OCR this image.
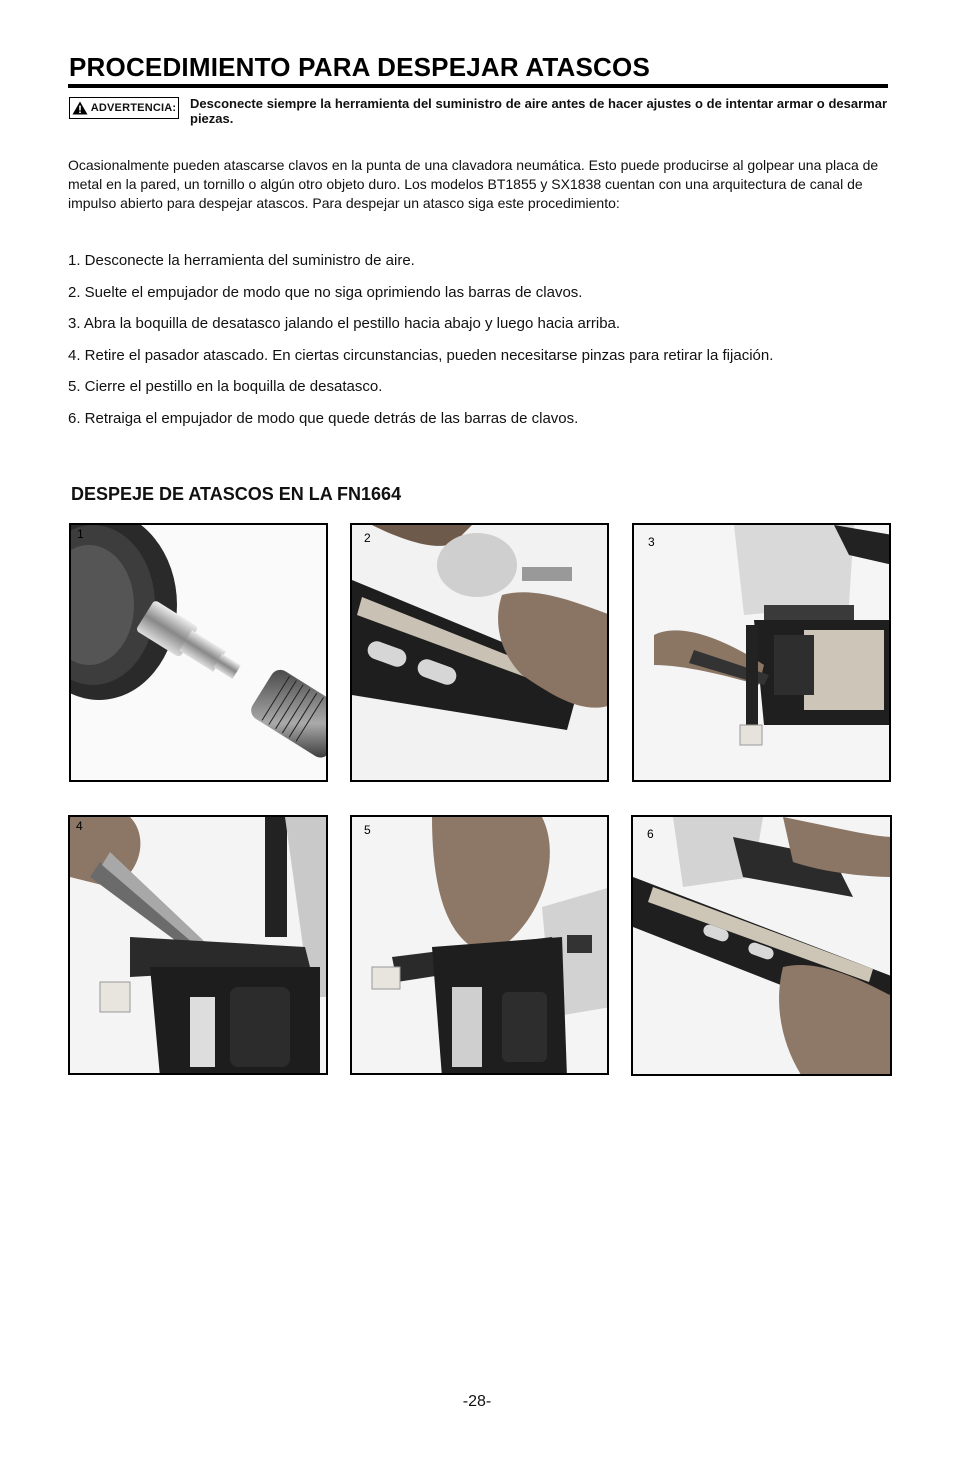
PROCEDIMIENTO PARA DESPEJAR ATASCOS
ADVERTENCIA: Desconecte siempre la herramienta del suministro de aire antes de hacer ajustes o de intentar armar o desarmar piezas.

Ocasionalmente pueden atascarse clavos en la punta de una clavadora neumática. Esto puede producirse al golpear una placa de metal en la pared, un tornillo o algún otro objeto duro. Los modelos BT1855 y SX1838 cuentan con una arquitectura de canal de impulso abierto para despejar atascos. Para despejar un atasco siga este procedimiento:

1. Desconecte la herramienta del suministro de aire.
2. Suelte el empujador de modo que no siga oprimiendo las barras de clavos.
3. Abra la boquilla de desatasco jalando el pestillo hacia abajo y luego hacia arriba.
4. Retire el pasador atascado. En ciertas circunstancias, pueden necesitarse pinzas para retirar la fijación.
5. Cierre el pestillo en la boquilla de desatasco.
6. Retraiga el empujador de modo que quede detrás de las barras de clavos.
DESPEJE DE ATASCOS EN LA FN1664
1	2	3
4	5	6
-28-
